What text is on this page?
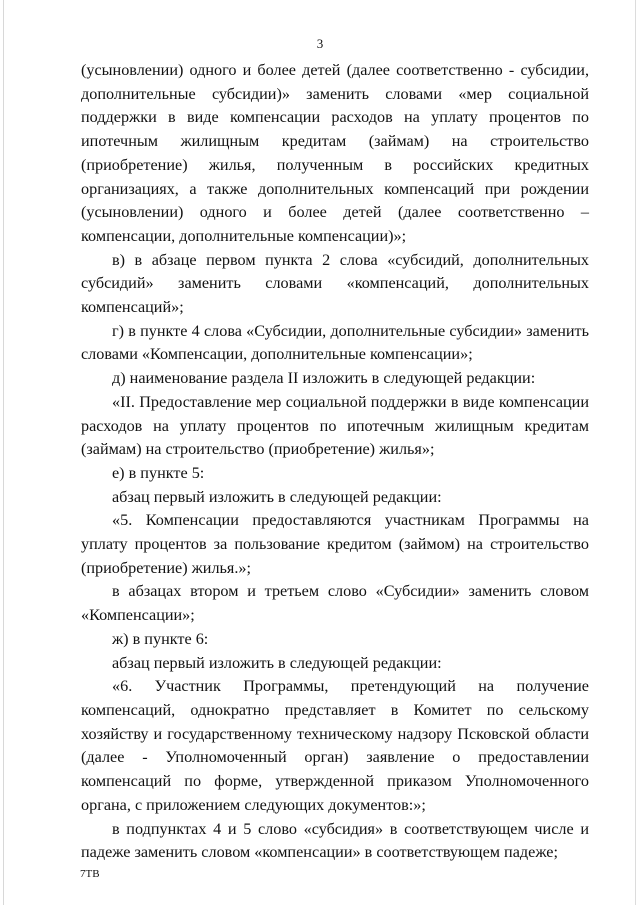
3

(усыновлении) одного и более детей (далее соответственно - субсидии, дополнительные субсидии)» заменить словами «мер социальной поддержки в виде компенсации расходов на уплату процентов по ипотечным жилищным кредитам (займам) на строительство (приобретение) жилья, полученным в российских кредитных организациях, а также дополнительных компенсаций при рождении (усыновлении) одного и более детей (далее соответственно – компенсации, дополнительные компенсации)»;

в) в абзаце первом пункта 2 слова «субсидий, дополнительных субсидий» заменить словами «компенсаций, дополнительных компенсаций»;

г) в пункте 4 слова «Субсидии, дополнительные субсидии» заменить словами «Компенсации, дополнительные компенсации»;

д) наименование раздела II изложить в следующей редакции:

«II. Предоставление мер социальной поддержки в виде компенсации расходов на уплату процентов по ипотечным жилищным кредитам (займам) на строительство (приобретение) жилья»;

е) в пункте 5:

абзац первый изложить в следующей редакции:

«5. Компенсации предоставляются участникам Программы на уплату процентов за пользование кредитом (займом) на строительство (приобретение) жилья.»;

в абзацах втором и третьем слово «Субсидии» заменить словом «Компенсации»;

ж) в пункте 6:

абзац первый изложить в следующей редакции:

«6. Участник Программы, претендующий на получение компенсаций, однократно представляет в Комитет по сельскому хозяйству и государственному техническому надзору Псковской области (далее - Уполномоченный орган) заявление о предоставлении компенсаций по форме, утвержденной приказом Уполномоченного органа, с приложением следующих документов:»;

в подпунктах 4 и 5 слово «субсидия» в соответствующем числе и падеже заменить словом «компенсации» в соответствующем падеже;

7ТВ
